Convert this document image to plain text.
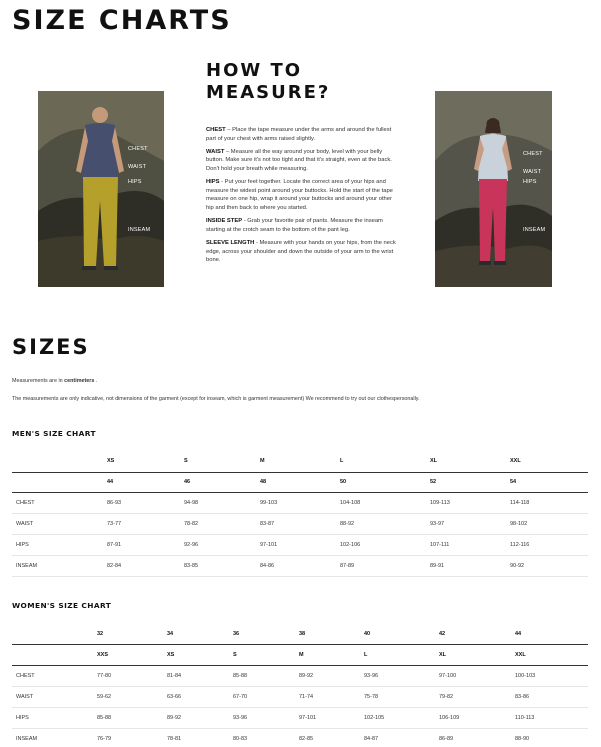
SIZE CHARTS
HOW TO MEASURE?
CHEST
WAIST
HIPS
INSEAM
CHEST
WAIST
HIPS
INSEAM

CHEST – Place the tape measure under the arms and around the fullest part of your chest with arms raised slightly.

WAIST – Measure all the way around your body, level with your belly button. Make sure it's not too tight and that it's straight, even at the back. Don't hold your breath while measuring.

HIPS - Put your feet together. Locate the correct area of your hips and measure the widest point around your buttocks. Hold the start of the tape measure on one hip, wrap it around your buttocks and around your other hip and then back to where you started.

INSIDE STEP - Grab your favorite pair of pants. Measure the inseam starting at the crotch seam to the bottom of the pant leg.

SLEEVE LENGTH - Measure with your hands on your hips, from the neck edge, across your shoulder and down the outside of your arm to the wrist bone.

SIZES

Measurements are in centimeters .

The measurements are only indicative, not dimensions of the garment (except for inseam, which is garment measurement) We recommend to try out our clothespersonally.

MEN'S SIZE CHART
	XS	S	M	L	XL	XXL
	44	46	48	50	52	54
CHEST	86-93	94-98	99-103	104-108	109-113	114-118
WAIST	73-77	78-82	83-87	88-92	93-97	98-102
HIPS	87-91	92-96	97-101	102-106	107-111	112-116
INSEAM	82-84	83-85	84-86	87-89	89-91	90-92
WOMEN'S SIZE CHART
	32	34	36	38	40	42	44
	XXS	XS	S	M	L	XL	XXL
CHEST	77-80	81-84	85-88	89-92	93-96	97-100	100-103
WAIST	59-62	63-66	67-70	71-74	75-78	79-82	83-86
HIPS	85-88	89-92	93-96	97-101	102-105	106-109	110-113
INSEAM	76-79	78-81	80-83	82-85	84-87	86-89	88-90
